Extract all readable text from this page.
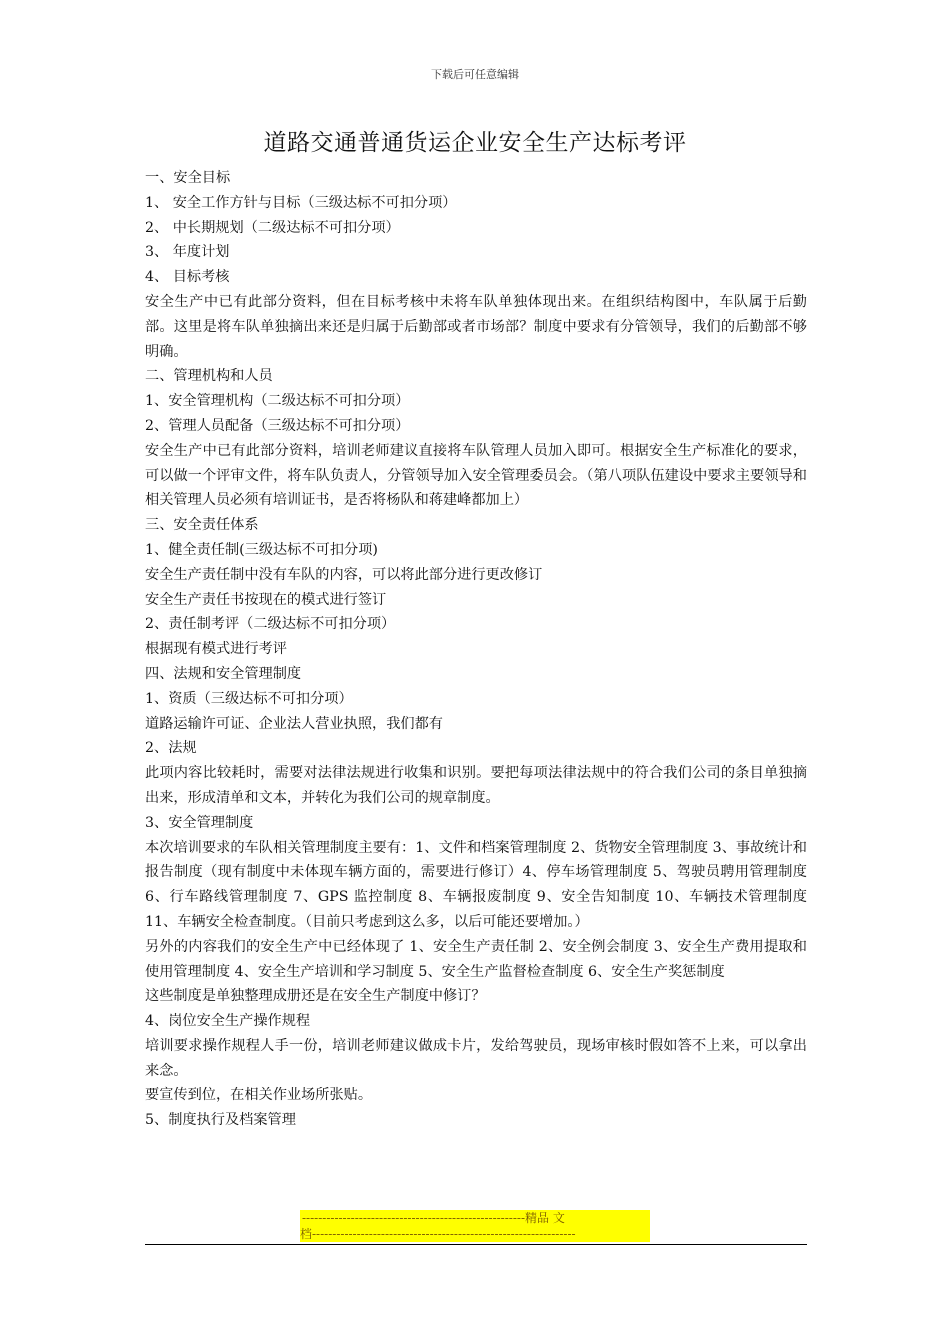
下载后可任意编辑
道路交通普通货运企业安全生产达标考评

一、安全目标

1、 安全工作方针与目标（三级达标不可扣分项）

2、 中长期规划（二级达标不可扣分项）

3、 年度计划

4、 目标考核

安全生产中已有此部分资料，但在目标考核中未将车队单独体现出来。在组织结构图中，车队属于后勤部。这里是将车队单独摘出来还是归属于后勤部或者市场部？制度中要求有分管领导，我们的后勤部不够明确。

二、管理机构和人员

1、安全管理机构（二级达标不可扣分项）

2、管理人员配备（三级达标不可扣分项）

安全生产中已有此部分资料，培训老师建议直接将车队管理人员加入即可。根据安全生产标准化的要求，可以做一个评审文件，将车队负责人，分管领导加入安全管理委员会。（第八项队伍建设中要求主要领导和相关管理人员必须有培训证书，是否将杨队和蒋建峰都加上）

三、安全责任体系

1、健全责任制(三级达标不可扣分项)

安全生产责任制中没有车队的内容，可以将此部分进行更改修订

安全生产责任书按现在的模式进行签订

2、责任制考评（二级达标不可扣分项）

根据现有模式进行考评

四、法规和安全管理制度

1、资质（三级达标不可扣分项）

道路运输许可证、企业法人营业执照，我们都有

2、法规

此项内容比较耗时，需要对法律法规进行收集和识别。要把每项法律法规中的符合我们公司的条目单独摘出来，形成清单和文本，并转化为我们公司的规章制度。

3、安全管理制度

本次培训要求的车队相关管理制度主要有：1、文件和档案管理制度 2、货物安全管理制度 3、事故统计和报告制度（现有制度中未体现车辆方面的，需要进行修订）4、停车场管理制度 5、驾驶员聘用管理制度 6、行车路线管理制度 7、GPS 监控制度 8、车辆报废制度 9、安全告知制度 10、车辆技术管理制度 11、车辆安全检查制度。（目前只考虑到这么多，以后可能还要增加。）

另外的内容我们的安全生产中已经体现了 1、安全生产责任制 2、安全例会制度 3、安全生产费用提取和使用管理制度 4、安全生产培训和学习制度 5、安全生产监督检查制度 6、安全生产奖惩制度

这些制度是单独整理成册还是在安全生产制度中修订？

4、岗位安全生产操作规程

培训要求操作规程人手一份，培训老师建议做成卡片，发给驾驶员，现场审核时假如答不上来，可以拿出来念。

要宣传到位，在相关作业场所张贴。

5、制度执行及档案管理

-------------------------------------------------------精品 文
档-----------------------------------------------------------------
